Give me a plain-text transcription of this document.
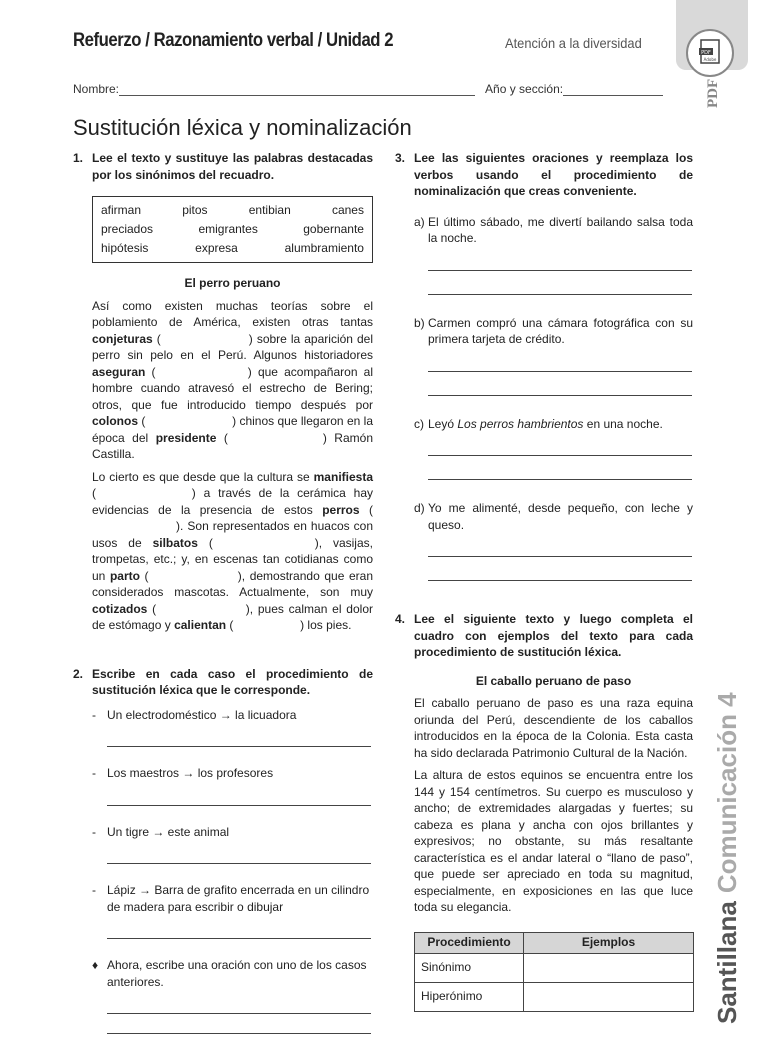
Refuerzo / Razonamiento verbal / Unidad 2	Atención a la diversidad
PDF
Adobe
PDF
SantillanaComunicación 4
Nombre:	Año y sección:
Sustitución léxica y nominalización
1. Lee el texto y sustituye las palabras destacadas por los sinónimos del recuadro.
afirman	pitos	entibian	canes
preciados	emigrantes	gobernante
hipótesis	expresa	alumbramiento
El perro peruano
Así como existen muchas teorías sobre el poblamiento de América, existen otras tantas conjeturas (	) sobre la aparición del perro sin pelo en el Perú. Algunos historiadores aseguran (	) que acompañaron al hombre cuando atravesó el estrecho de Bering; otros, que fue introducido tiempo después por colonos (	) chinos que llegaron en la época del presidente (	) Ramón Castilla.
Lo cierto es que desde que la cultura se manifiesta (	) a través de la cerámica hay evidencias de la presencia de estos perros (  ). Son representados en huacos con usos de silbatos (	), vasijas, trompetas, etc.; y, en escenas tan cotidianas como un parto (	), demostrando que eran considerados mascotas. Actualmente, son muy cotizados (	), pues calman el dolor de estómago y calientan (	) los pies.
2. Escribe en cada caso el procedimiento de sustitución léxica que le corresponde.
- Un electrodoméstico → la licuadora
- Los maestros → los profesores
- Un tigre → este animal
- Lápiz → Barra de grafito encerrada en un cilindro de madera para escribir o dibujar
♦ Ahora, escribe una oración con uno de los casos anteriores.
3. Lee las siguientes oraciones y reemplaza los verbos usando el procedimiento de nominalización que creas conveniente.
a) El último sábado, me divertí bailando salsa toda la noche.
b) Carmen compró una cámara fotográfica con su primera tarjeta de crédito.
c) Leyó Los perros hambrientos en una noche.
d) Yo me alimenté, desde pequeño, con leche y queso.
4. Lee el siguiente texto y luego completa el cuadro con ejemplos del texto para cada procedimiento de sustitución léxica.
El caballo peruano de paso
El caballo peruano de paso es una raza equina oriunda del Perú, descendiente de los caballos introducidos en la época de la Colonia. Esta casta ha sido declarada Patrimonio Cultural de la Nación.
La altura de estos equinos se encuentra entre los 144 y 154 centímetros. Su cuerpo es musculoso y ancho; de extremidades alargadas y fuertes; su cabeza es plana y ancha con ojos brillantes y expresivos; no obstante, su más resaltante característica es el andar lateral o “llano de paso”, que puede ser apreciado en toda su magnitud, especialmente, en exposiciones en las que luce toda su elegancia.
Procedimiento	Ejemplos
Sinónimo	
Hiperónimo	
